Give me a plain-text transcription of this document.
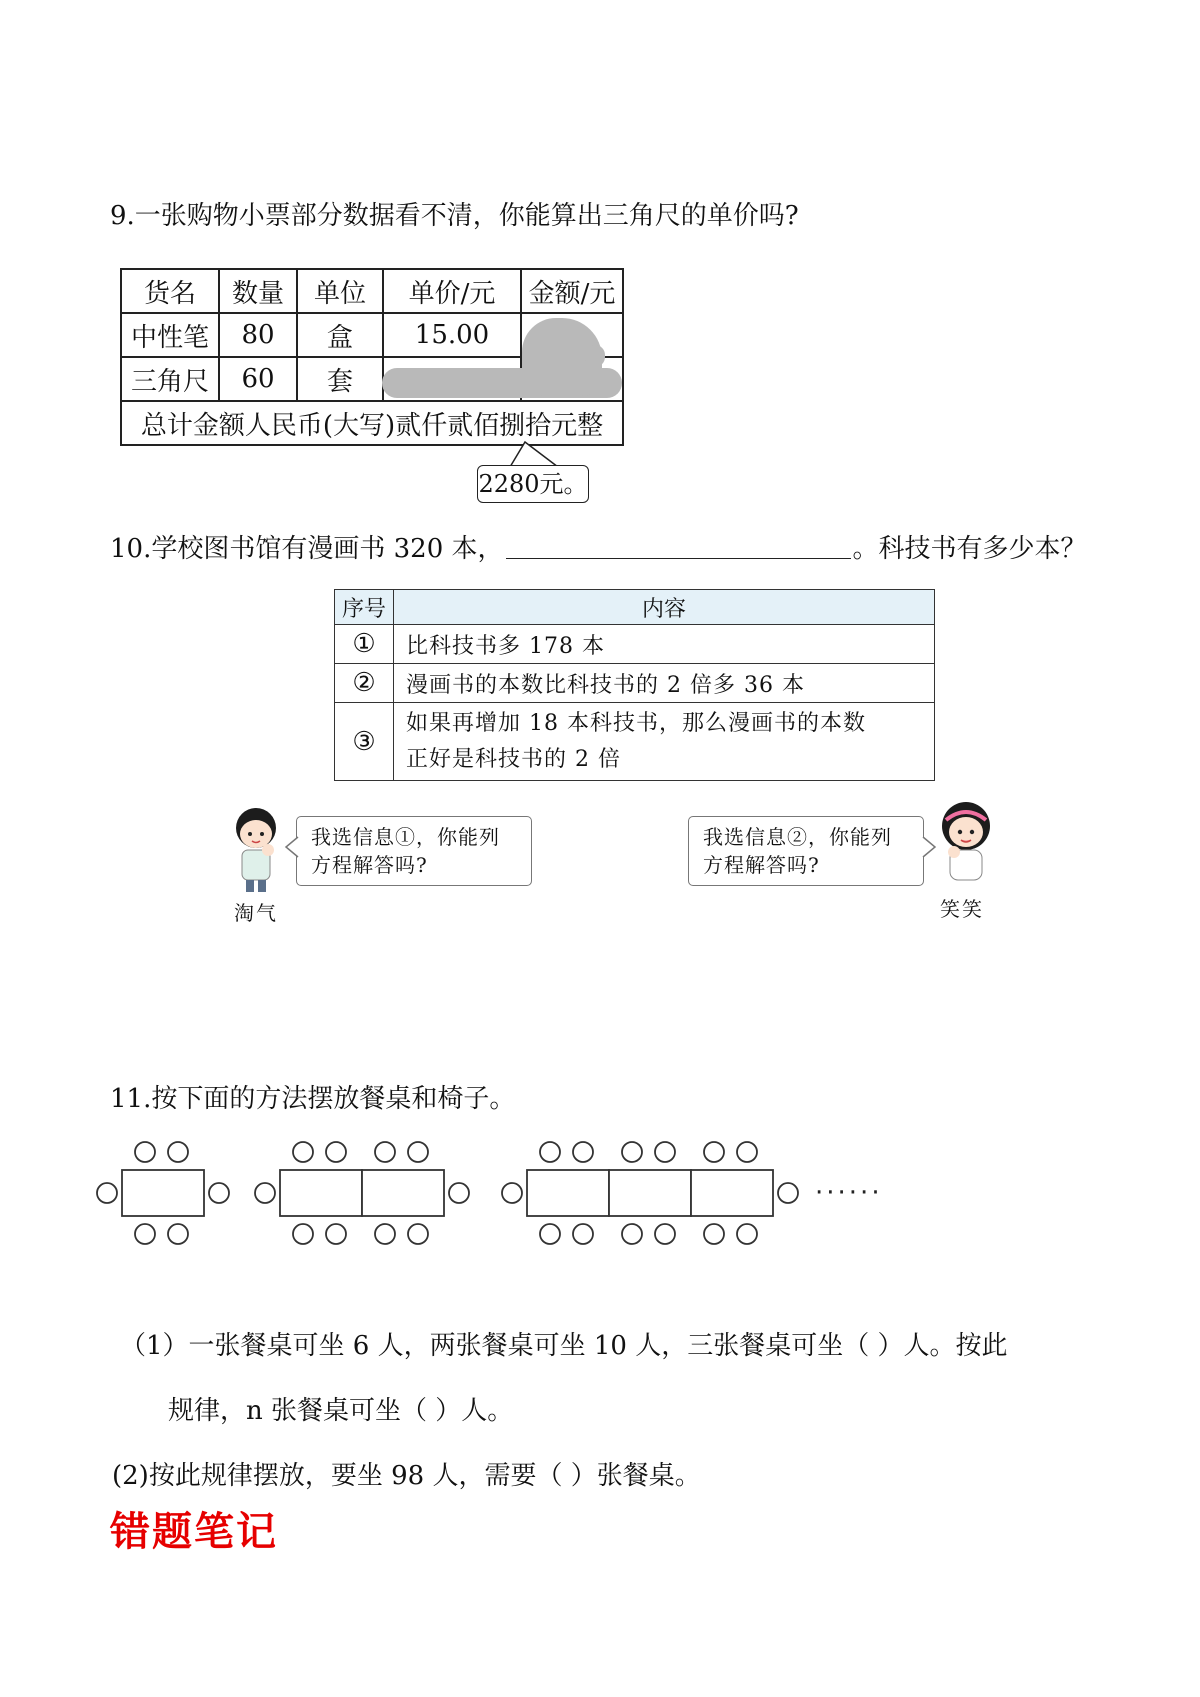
9.一张购物小票部分数据看不清，你能算出三角尺的单价吗?
货名	数量	单位	单价/元	金额/元
中性笔	80	盒	15.00	
三角尺	60	套		
总计金额人民币(大写)贰仟贰佰捌拾元整				
2280元。
10.学校图书馆有漫画书 320 本，	。科技书有多少本？
序号	内容
①	比科技书多 178 本
②	漫画书的本数比科技书的 2 倍多 36 本
③	如果再增加 18 本科技书，那么漫画书的本数
正好是科技书的 2 倍
我选信息①，你能列
方程解答吗?
淘气
我选信息②，你能列
方程解答吗?
笑笑
11.按下面的方法摆放餐桌和椅子。
······
（1）一张餐桌可坐 6 人，两张餐桌可坐 10 人，三张餐桌可坐（ ）人。按此
规律，n 张餐桌可坐（ ）人。
(2)按此规律摆放，要坐 98 人，需要（ ）张餐桌。
错题笔记
